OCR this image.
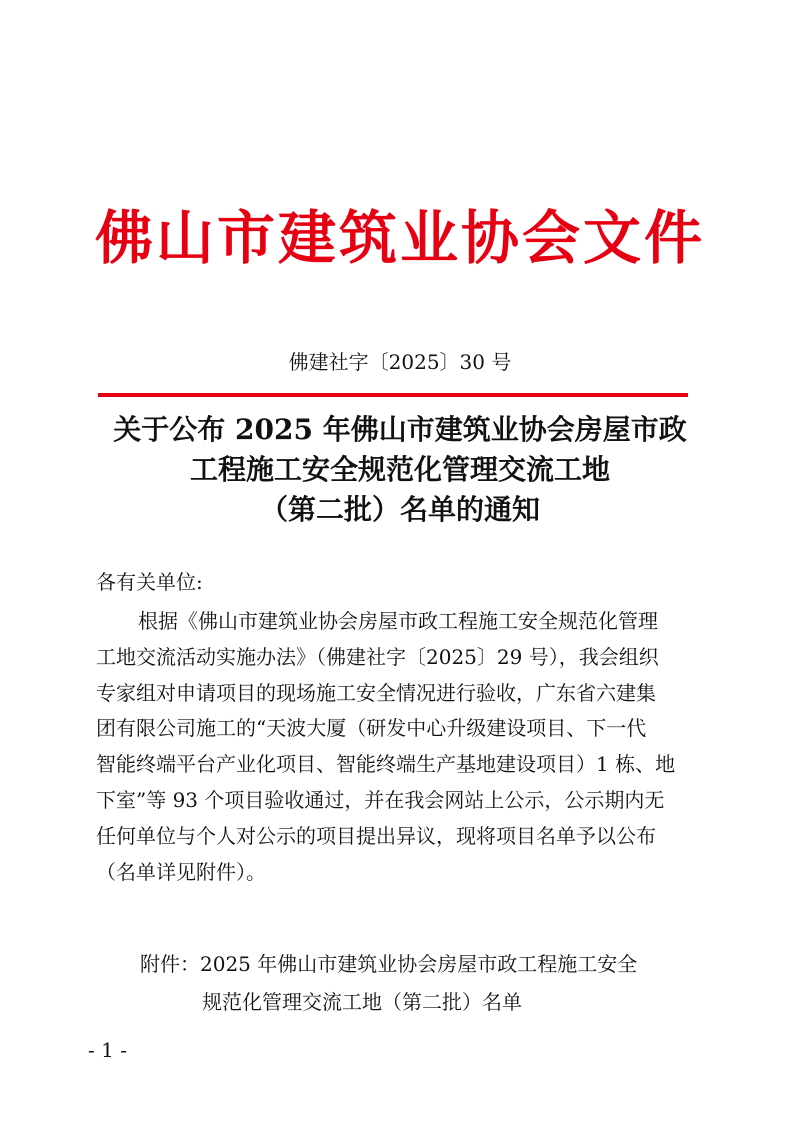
佛山市建筑业协会文件
佛建社字〔2025〕30 号
关于公布 2025 年佛山市建筑业协会房屋市政
工程施工安全规范化管理交流工地
（第二批）名单的通知
各有关单位:
根据《佛山市建筑业协会房屋市政工程施工安全规范化管理
工地交流活动实施办法》（佛建社字〔2025〕29 号），我会组织
专家组对申请项目的现场施工安全情况进行验收，广东省六建集
团有限公司施工的“天波大厦（研发中心升级建设项目、下一代
智能终端平台产业化项目、智能终端生产基地建设项目）1 栋、地
下室”等 93 个项目验收通过，并在我会网站上公示，公示期内无
任何单位与个人对公示的项目提出异议，现将项目名单予以公布
（名单详见附件）。
附件：2025 年佛山市建筑业协会房屋市政工程施工安全
规范化管理交流工地（第二批）名单
- 1 -
